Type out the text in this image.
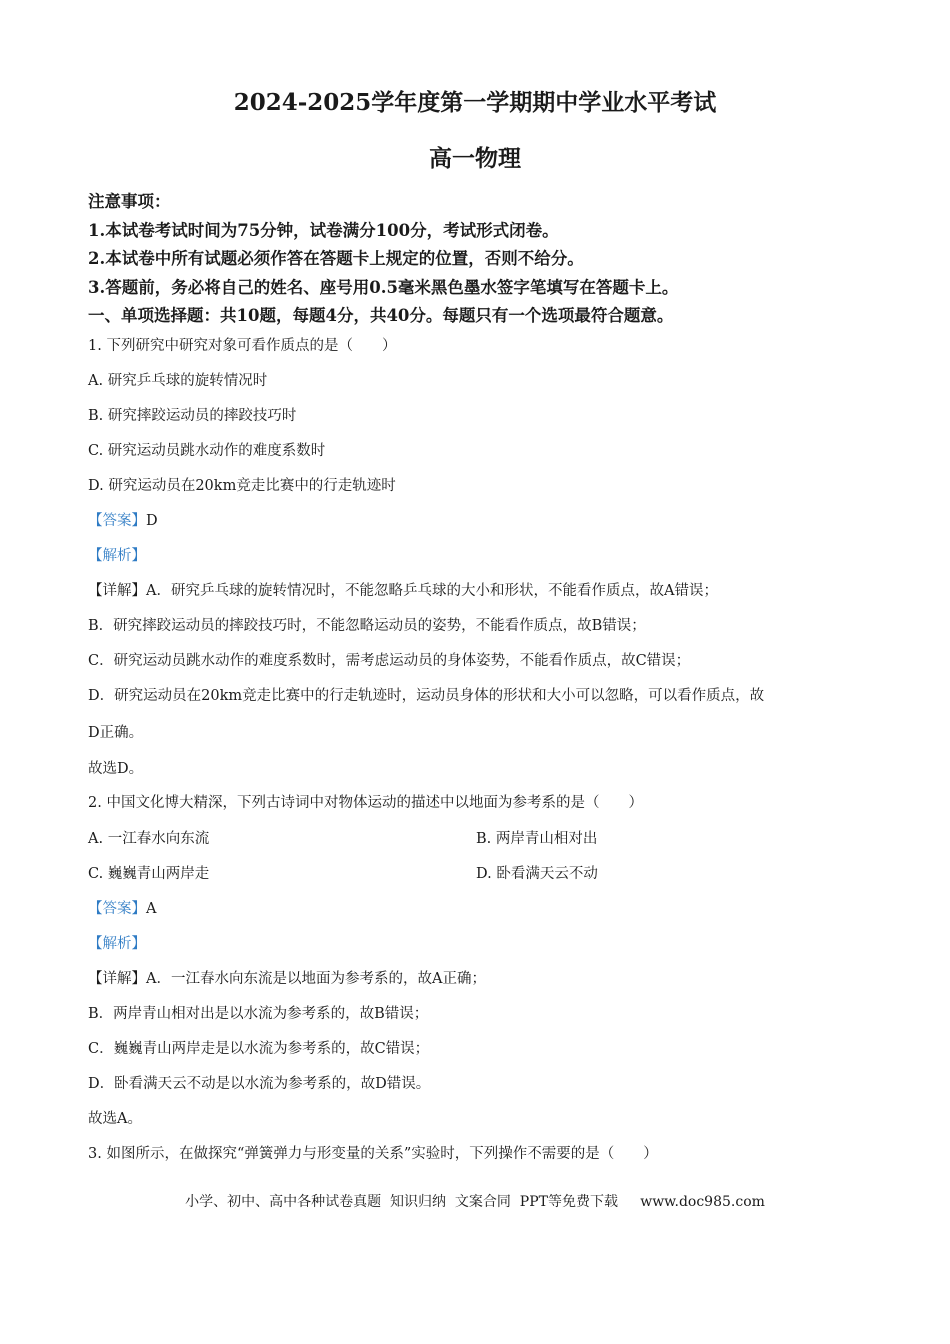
2024-2025学年度第一学期期中学业水平考试
高一物理
注意事项：
1.本试卷考试时间为75分钟，试卷满分100分，考试形式闭卷。
2.本试卷中所有试题必须作答在答题卡上规定的位置，否则不给分。
3.答题前，务必将自己的姓名、座号用0.5毫米黑色墨水签字笔填写在答题卡上。
一、单项选择题：共10题，每题4分，共40分。每题只有一个选项最符合题意。
1. 下列研究中研究对象可看作质点的是（　　）
A. 研究乒乓球的旋转情况时
B. 研究摔跤运动员的摔跤技巧时
C. 研究运动员跳水动作的难度系数时
D. 研究运动员在20km竞走比赛中的行走轨迹时
【答案】D
【解析】
【详解】A．研究乒乓球的旋转情况时，不能忽略乒乓球的大小和形状，不能看作质点，故A错误；
B．研究摔跤运动员的摔跤技巧时，不能忽略运动员的姿势，不能看作质点，故B错误；
C．研究运动员跳水动作的难度系数时，需考虑运动员的身体姿势，不能看作质点，故C错误；
D．研究运动员在20km竞走比赛中的行走轨迹时，运动员身体的形状和大小可以忽略，可以看作质点，故
D正确。
故选D。
2. 中国文化博大精深，下列古诗词中对物体运动的描述中以地面为参考系的是（　　）
A. 一江春水向东流	B. 两岸青山相对出
C. 巍巍青山两岸走	D. 卧看满天云不动
【答案】A
【解析】
【详解】A．一江春水向东流是以地面为参考系的，故A正确；
B．两岸青山相对出是以水流为参考系的，故B错误；
C．巍巍青山两岸走是以水流为参考系的，故C错误；
D．卧看满天云不动是以水流为参考系的，故D错误。
故选A。
3. 如图所示，在做探究“弹簧弹力与形变量的关系”实验时，下列操作不需要的是（　　）
小学、初中、高中各种试卷真题  知识归纳  文案合同  PPT等免费下载     www.doc985.com
